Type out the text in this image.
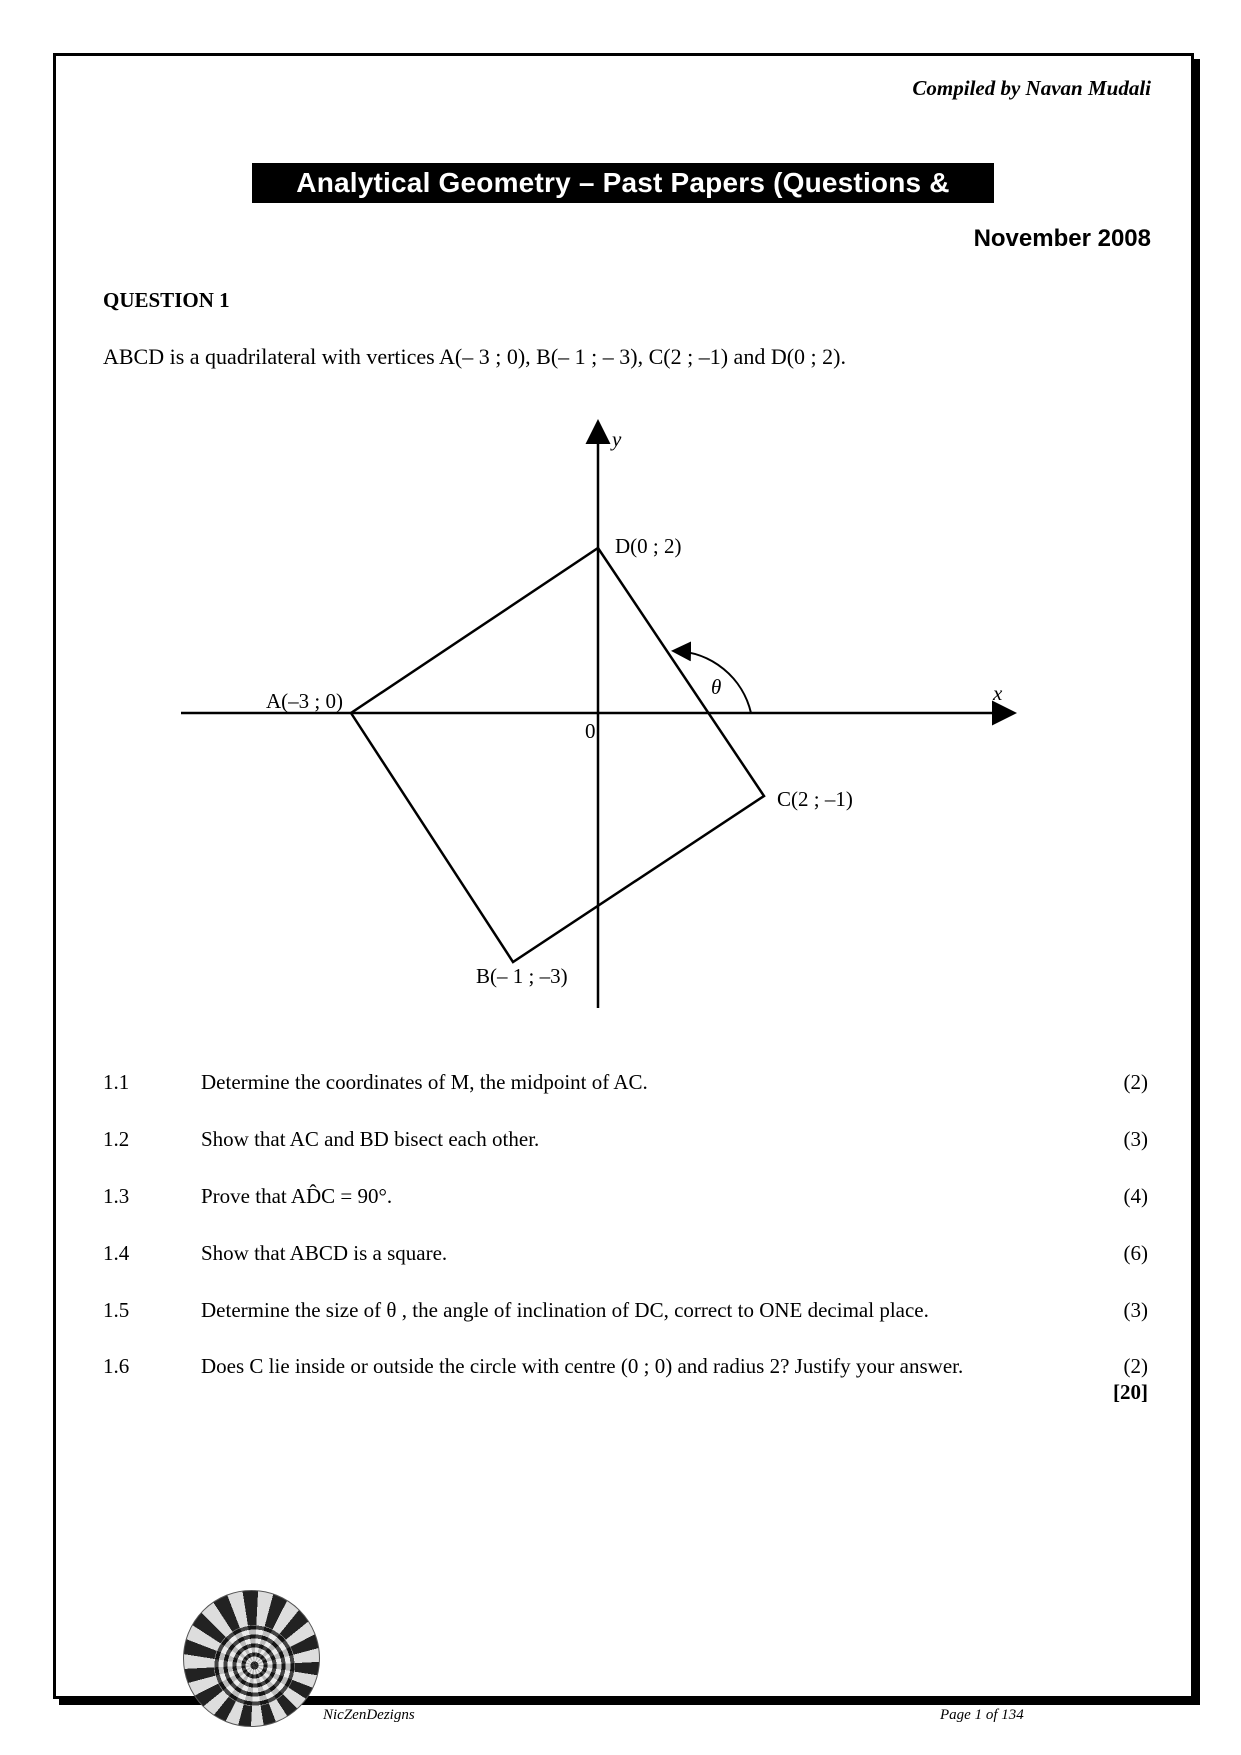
Compiled by Navan Mudali
Analytical Geometry – Past Papers (Questions & Solutions)
November 2008
QUESTION 1
ABCD is a quadrilateral with vertices A(– 3 ; 0), B(– 1 ; – 3), C(2 ; –1) and D(0 ; 2).
y
x
0
θ
A(–3 ; 0)
B(– 1 ; –3)
C(2 ; –1)
D(0 ; 2)
1.1	Determine the coordinates of M, the midpoint of AC.	(2)
1.2	Show that AC and BD bisect each other.	(3)
1.3	Prove that AD̂C = 90°.	(4)
1.4	Show that ABCD is a square.	(6)
1.5	Determine the size of θ , the angle of inclination of DC, correct to ONE decimal place.	(3)
1.6	Does C lie inside or outside the circle with centre (0 ; 0) and radius 2? Justify your answer.	(2)
[20]
NicZenDezigns	Page 1 of 134
